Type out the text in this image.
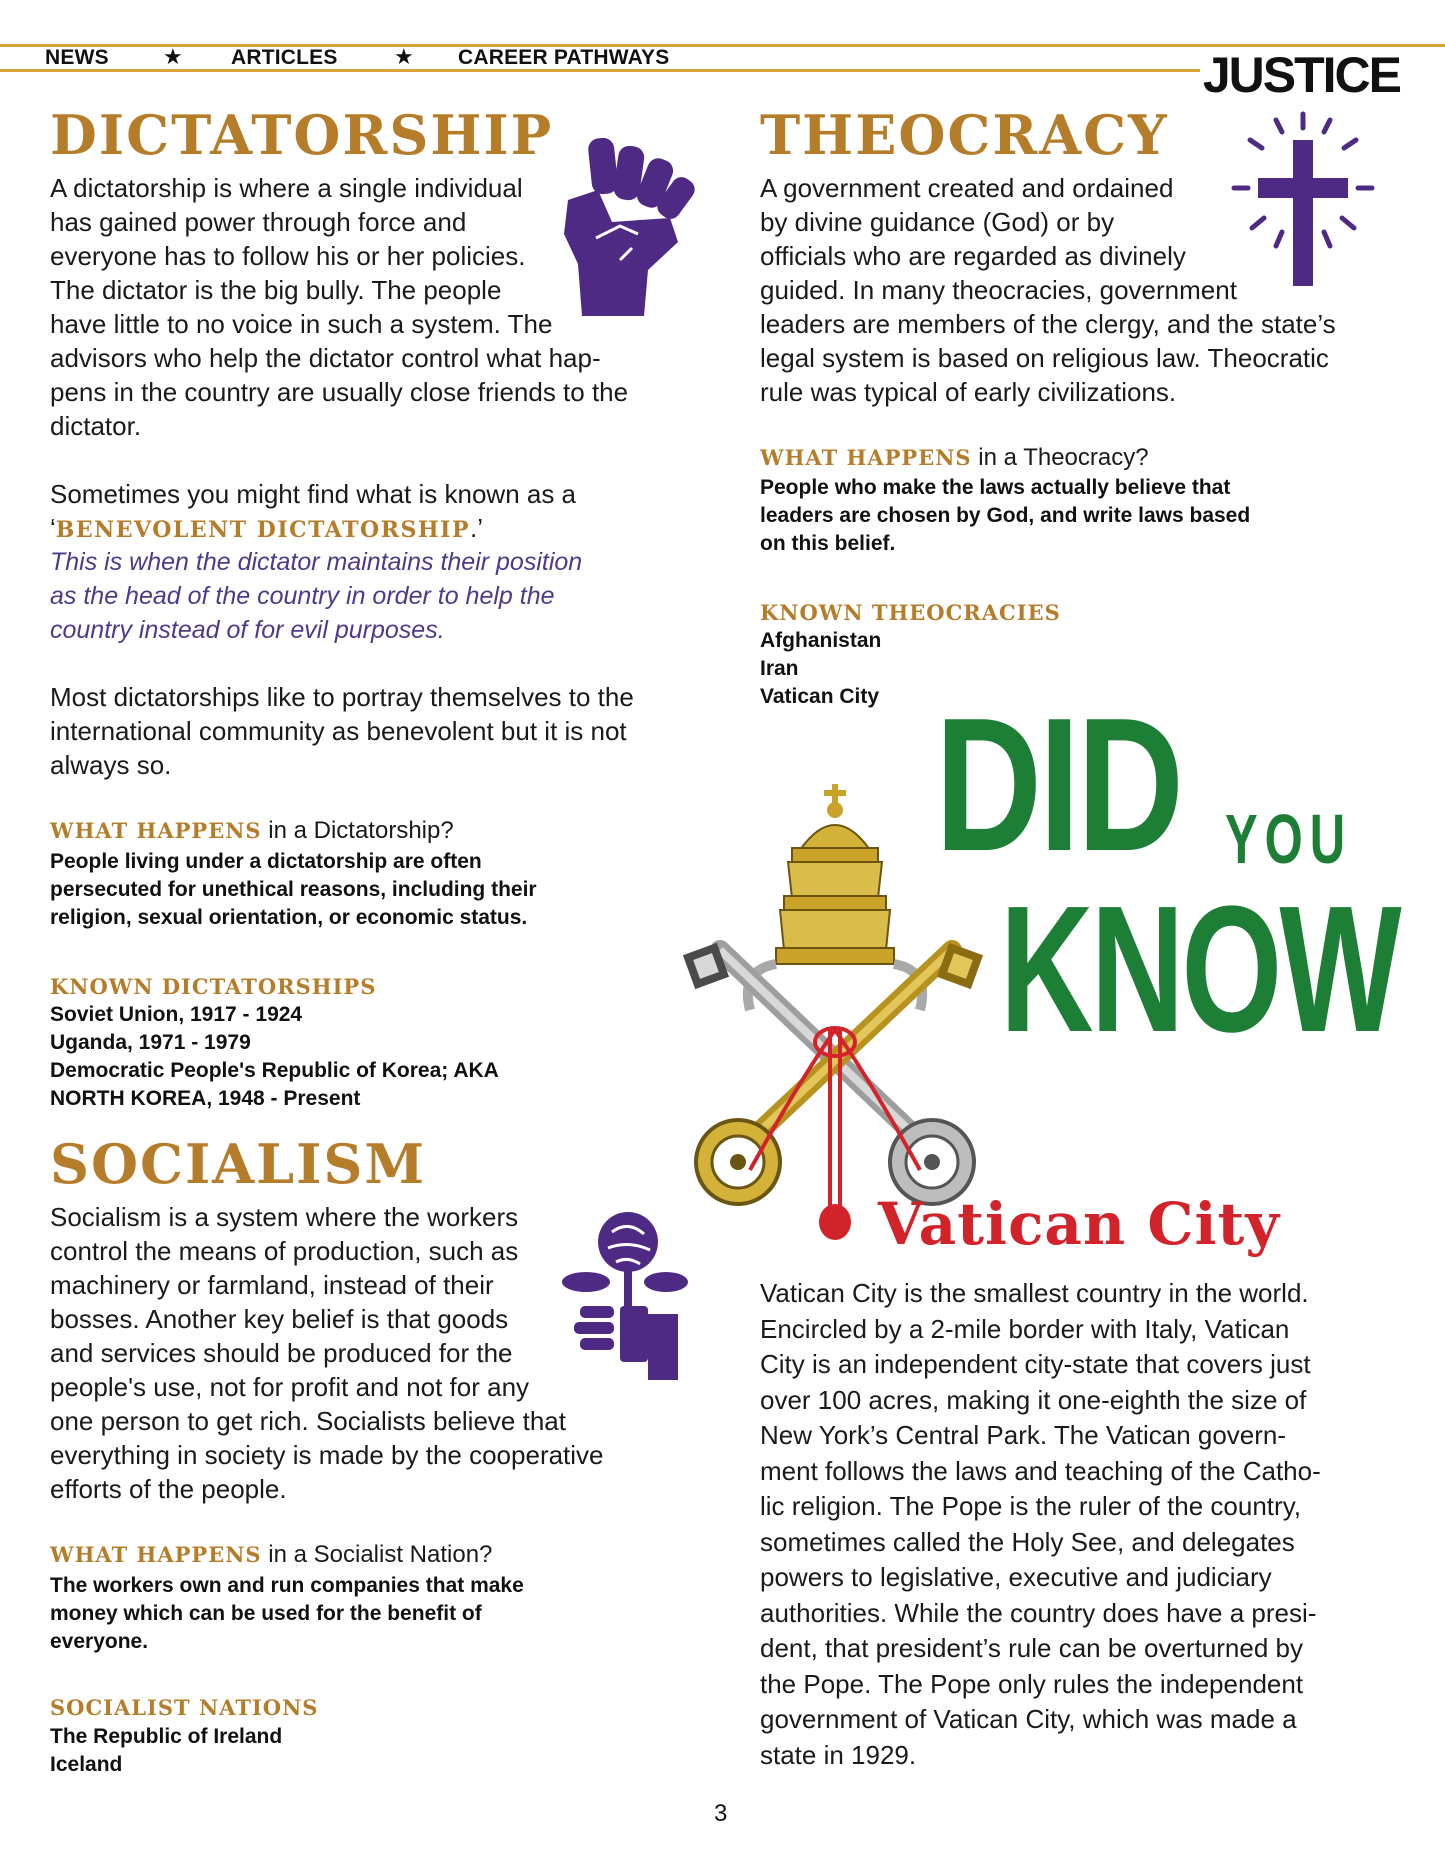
NEWS ★ ARTICLES	★ CAREER PATHWAYS	JUSTICE
DICTATORSHIP
A dictatorship is where a single individual
has gained power through force and
everyone has to follow his or her policies.
The dictator is the big bully. The people
have little to no voice in such a system. The
advisors who help the dictator control what hap-
pens in the country are usually close friends to the
dictator.
Sometimes you might find what is known as a
‘BENEVOLENT DICTATORSHIP.’
This is when the dictator maintains their position
as the head of the country in order to help the
country instead of for evil purposes.
Most dictatorships like to portray themselves to the
international community as benevolent but it is not
always so.
WHAT HAPPENS in a Dictatorship?
People living under a dictatorship are often
persecuted for unethical reasons, including their
religion, sexual orientation, or economic status.
KNOWN DICTATORSHIPS
Soviet Union, 1917 - 1924
Uganda, 1971 - 1979
Democratic People's Republic of Korea; AKA
NORTH KOREA, 1948 - Present
SOCIALISM
Socialism is a system where the workers
control the means of production, such as
machinery or farmland, instead of their
bosses. Another key belief is that goods
and services should be produced for the
people's use, not for profit and not for any
one person to get rich. Socialists believe that
everything in society is made by the cooperative
efforts of the people.
WHAT HAPPENS in a Socialist Nation?
The workers own and run companies that make
money which can be used for the benefit of
everyone.
SOCIALIST NATIONS
The Republic of Ireland
Iceland
THEOCRACY
A government created and ordained
by divine guidance (God) or by
officials who are regarded as divinely
guided. In many theocracies, government
leaders are members of the clergy, and the state’s
legal system is based on religious law. Theocratic
rule was typical of early civilizations.
WHAT HAPPENS in a Theocracy?
People who make the laws actually believe that
leaders are chosen by God, and write laws based
on this belief.
KNOWN THEOCRACIES
Afghanistan
Iran
Vatican City DID YOU
KNOW
Vatican City
Vatican City is the smallest country in the world.
Encircled by a 2-mile border with Italy, Vatican
City is an independent city-state that covers just
over 100 acres, making it one-eighth the size of
New York’s Central Park. The Vatican govern-
ment follows the laws and teaching of the Catho-
lic religion. The Pope is the ruler of the country,
sometimes called the Holy See, and delegates
powers to legislative, executive and judiciary
authorities. While the country does have a presi-
dent, that president’s rule can be overturned by
the Pope. The Pope only rules the independent
government of Vatican City, which was made a
state in 1929.
3
